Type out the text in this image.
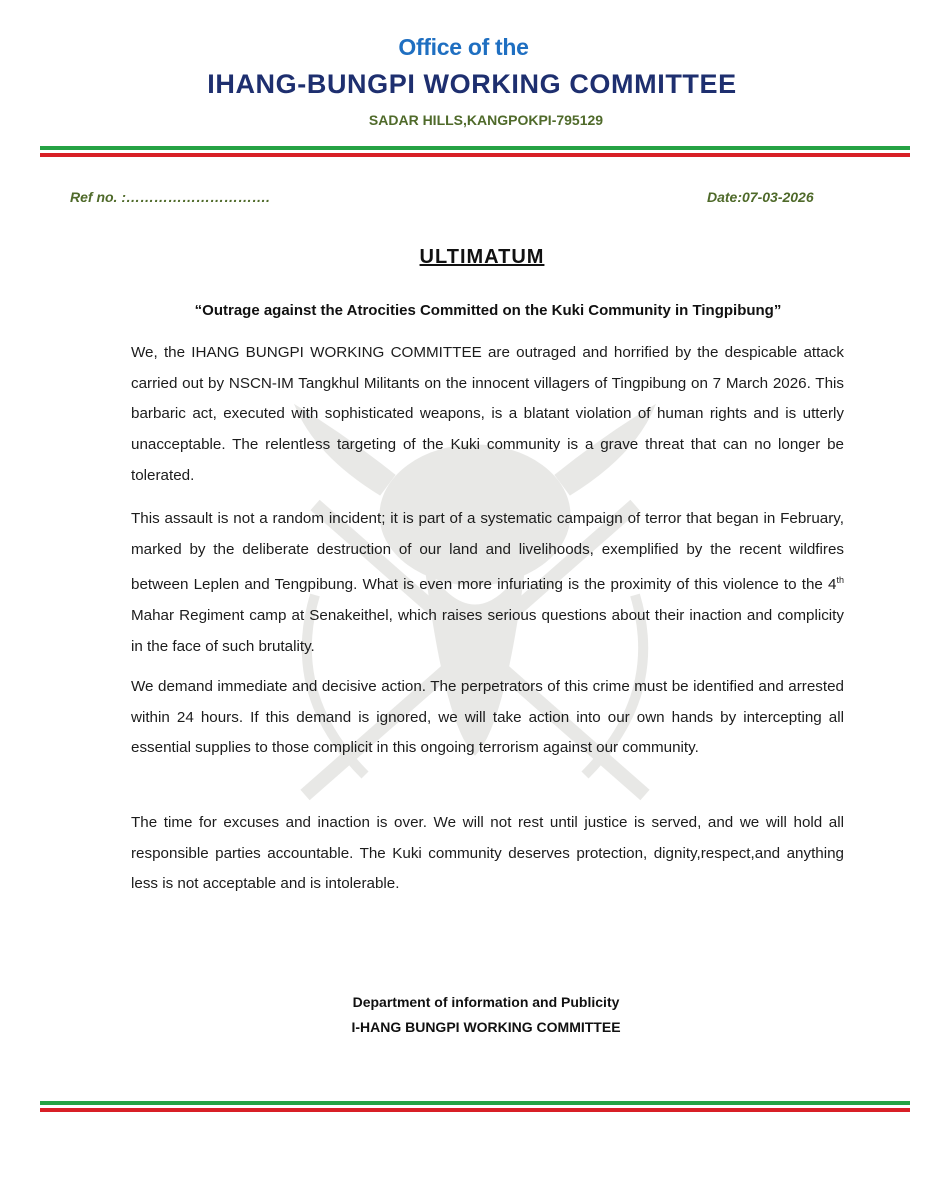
Office of the
IHANG-BUNGPI WORKING COMMITTEE
SADAR HILLS,KANGPOKPI-795129
Ref no. :………………………….	Date:07-03-2026
ULTIMATUM
“Outrage against the Atrocities Committed on the Kuki Community in Tingpibung”

We, the IHANG BUNGPI WORKING COMMITTEE are outraged and horrified by the despicable attack carried out by NSCN-IM Tangkhul Militants on the innocent villagers of Tingpibung on 7 March 2026. This barbaric act, executed with sophisticated weapons, is a blatant violation of human rights and is utterly unacceptable. The relentless targeting of the Kuki community is a grave threat that can no longer be tolerated.

This assault is not a random incident; it is part of a systematic campaign of terror that began in February, marked by the deliberate destruction of our land and livelihoods, exemplified by the recent wildfires between Leplen and Tengpibung. What is even more infuriating is the proximity of this violence to the 4th Mahar Regiment camp at Senakeithel, which raises serious questions about their inaction and complicity in the face of such brutality.

We demand immediate and decisive action. The perpetrators of this crime must be identified and arrested within 24 hours. If this demand is ignored, we will take action into our own hands by intercepting all essential supplies to those complicit in this ongoing terrorism against our community.

The time for excuses and inaction is over. We will not rest until justice is served, and we will hold all responsible parties accountable. The Kuki community deserves protection, dignity,respect,and anything less is not acceptable and is intolerable.

Department of information and Publicity
I-HANG BUNGPI WORKING COMMITTEE
